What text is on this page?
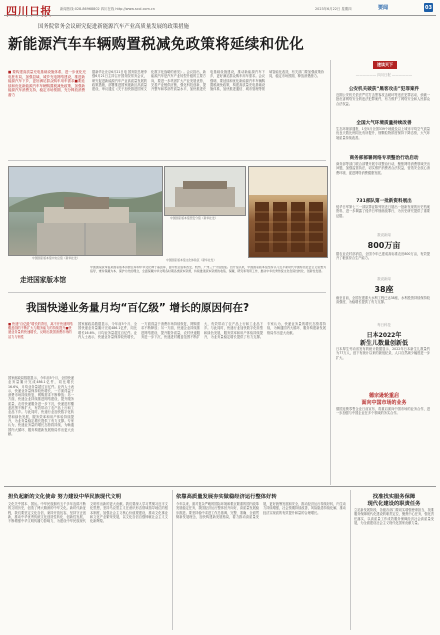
四川日报 新闻热线:028-86968802 四川在线 http://www.scol.com.cn	2023年6月22日 星期四	要闻	03
国务院常务会议研究促进新能源汽车产业高质量发展的政策措施
新能源汽车车辆购置税减免政策将延续和优化
■ 要构建高质量充电基础设施体系，进一步优化充电桩布局，加强县域、城乡充电网络建设，推进新能源汽车下乡，更好满足群众购车用车需求■要延续和优化新能源汽车车辆购置税减免政策，加强新能源汽车消费支持，稳定市场预期，充分释放消费潜力
据新华社北京6月21日电 国务院总理李强6月21日主持召开国务院常务会议，研究促进新能源汽车产业高质量发展的政策措施，部署推进国家级新区高质量建设，审议通过《关于加快推进国家文化数字化战略的意见》。会议指出，新能源汽车是汽车产业转型升级的主要方向，要进一步巩固扩大产业发展优势，完善产业链供应链，强化科技创新，提升整车和零部件质量水平，加快推进充电基础设施建设，推动新能源汽车下乡，更好满足群众购车用车需求。会议强调，要延续和优化新能源汽车车辆购置税减免政策，构建高质量充电基础设施体系，加快推进通信、城市管理等领域智能化改造，有关部门要加强政策协同，稳定市场预期，释放消费潜力。
中国国家版本馆中央总馆（新华社发）
中国国家版本馆西安分馆（新华社发）
中国国家版本馆文化体验区（新华社发）
走进国家版本馆
中国国家版本馆是国家版本资源总库和中华文化种子基因库，由中央总馆和西安、杭州、广州三个分馆组成。自开馆以来，中国国家版本馆坚持以习近平新时代中国特色社会主义思想为指导，秉持保藏为本、保护为先的理念，全面保藏中华文明各时期各类版本资源，持续推进版本资源的收集、保藏、研究和利用工作，推动中华优秀传统文化创造性转化、创新性发展。
我国快递业务量月均“百亿级” 增长的原因何在?
■ 快递“百亿级”增长的背后，离不开快递网络覆盖面的不断扩大与服务能力的持续提升■快递业务量的快速增长，反映出我国消费市场的活力与韧性
国家邮政局数据显示，今年前5个月，全国快递业务量累计完成486.1亿件，同比增长16.6%，月均业务量超过百亿件。业内人士表示，快递业务量保持较快增长，一方面得益于消费市场持续恢复，网购需求不断释放；另一方面，快递企业持续推进网络建设，提升服务质量，农村快递服务进一步下沉，快递进村覆盖范围不断扩大，有效带动了农产品上行和工业品下乡。与此同时，快递行业加快数字化转型和绿色发展，服务效率和用户体验持续提升，为业务量稳定增长提供了有力支撑。专家认为，快递业务量的增长态势将持续，为畅通国内大循环、服务构建新发展格局作出更大贡献。
国家邮政局数据显示，今年前5个月，全国快递业务量累计完成486.1亿件，同比增长16.6%，月均业务量超过百亿件。业内人士表示，快递业务量保持较快增长，一方面得益于消费市场持续恢复，网购需求不断释放；另一方面，快递企业持续推进网络建设，提升服务质量，农村快递服务进一步下沉，快递进村覆盖范围不断扩大，有效带动了农产品上行和工业品下乡。与此同时，快递行业加快数字化转型和绿色发展，服务效率和用户体验持续提升，为业务量稳定增长提供了有力支撑。专家认为，快递业务量的增长态势将持续，为畅通国内大循环、服务构建新发展格局作出更大贡献。
速读天下
—————— 四川日报 ——————
公安机关破获“黑客攻击”犯罪案件
近期公安机关依法严厉打击黑客攻击破坏等违法犯罪活动，侦破一批危害网络安全的违法犯罪案件，有力维护了网络安全和人民群众合法权益。
全国大气环境质量持续改善
生态环境部通报，1至5月全国339个地级及以上城市平均空气质量优良天数比例同比有所提升，细颗粒物浓度保持下降态势，大气环境质量持续改善。
商务部部署网络专项整治行动启动
商务部等部门联合部署开展专项整治行动，聚焦网络消费领域突出问题，加强监管执法，切实维护消费者合法权益，营造安全放心消费环境，促进网络消费健康发展。
731部队第一批新资料展出
侵华日军第七三一部队罪证陈列馆近日展出一批新发现的历史档案资料，进一步揭露了侵华日军细菌战罪行，为历史研究提供了重要证据。
数说新闻
800万亩
据农业农村部消息，全国今年已建成高标准农田800万亩，有效提升了粮食综合生产能力。
数说新闻
38座
截至目前，全国在建重大水利工程已达38座，水利投资持续保持较高强度，为稳增长提供了有力支撑。
每日科技
日本2022年
新生儿数量创新低
日本厚生劳动省发布的统计数据显示，2022年日本新生儿数量约为77万人，创下有统计以来的最低纪录，人口自然减少幅度进一步扩大。
德宗逊轮重启
面向中国市场的业务
德国连锁零售企业日前宣布，将重启面向中国市场的业务合作，进一步加强与中国企业在多个领域的务实合作。
担负起新的文化使命 努力建设中华民族现代文明
文化关乎国本、国运。中华民族拥有五千多年连绵不断的文明历史，创造了博大精深的中华文化。新时代新征程，我们要坚定文化自信，秉持开放包容，坚持守正创新，推动中华优秀传统文化创造性转化、创新性发展，不断增强中华文明传播力影响力，为建设中华民族现代文明作出新的更大贡献。我们要深入学习贯彻习近平文化思想，坚持马克思主义在意识形态领域指导地位的根本制度，加强社会主义核心价值观建设，推动文化事业和文化产业繁荣发展，以文化自信自强铸就社会主义文化新辉煌。
依靠高质量发展夯实做稳经济运行整体好转
今年以来，面对复杂严峻的国际环境和艰巨繁重的国内改革发展稳定任务，我国经济运行整体回升向好，高质量发展稳步推进。要坚持稳中求进工作总基调，完整、准确、全面贯彻新发展理念，加快构建新发展格局，着力推动高质量发展，更好统筹发展和安全，推动经济运行持续好转，内生动力持续增强，社会预期持续改善，风险隐患持续化解，推动经济实现质的有效提升和量的合理增长。
找准找实服务保障
现代化建设的职责任务
立足新发展阶段，各级各部门要切实增强使命担当，找准服务保障现代化建设的职责定位，聚焦中心任务，强化责任落实，以高质量工作成效服务保障经济社会高质量发展，为全面建设社会主义现代化国家贡献力量。
